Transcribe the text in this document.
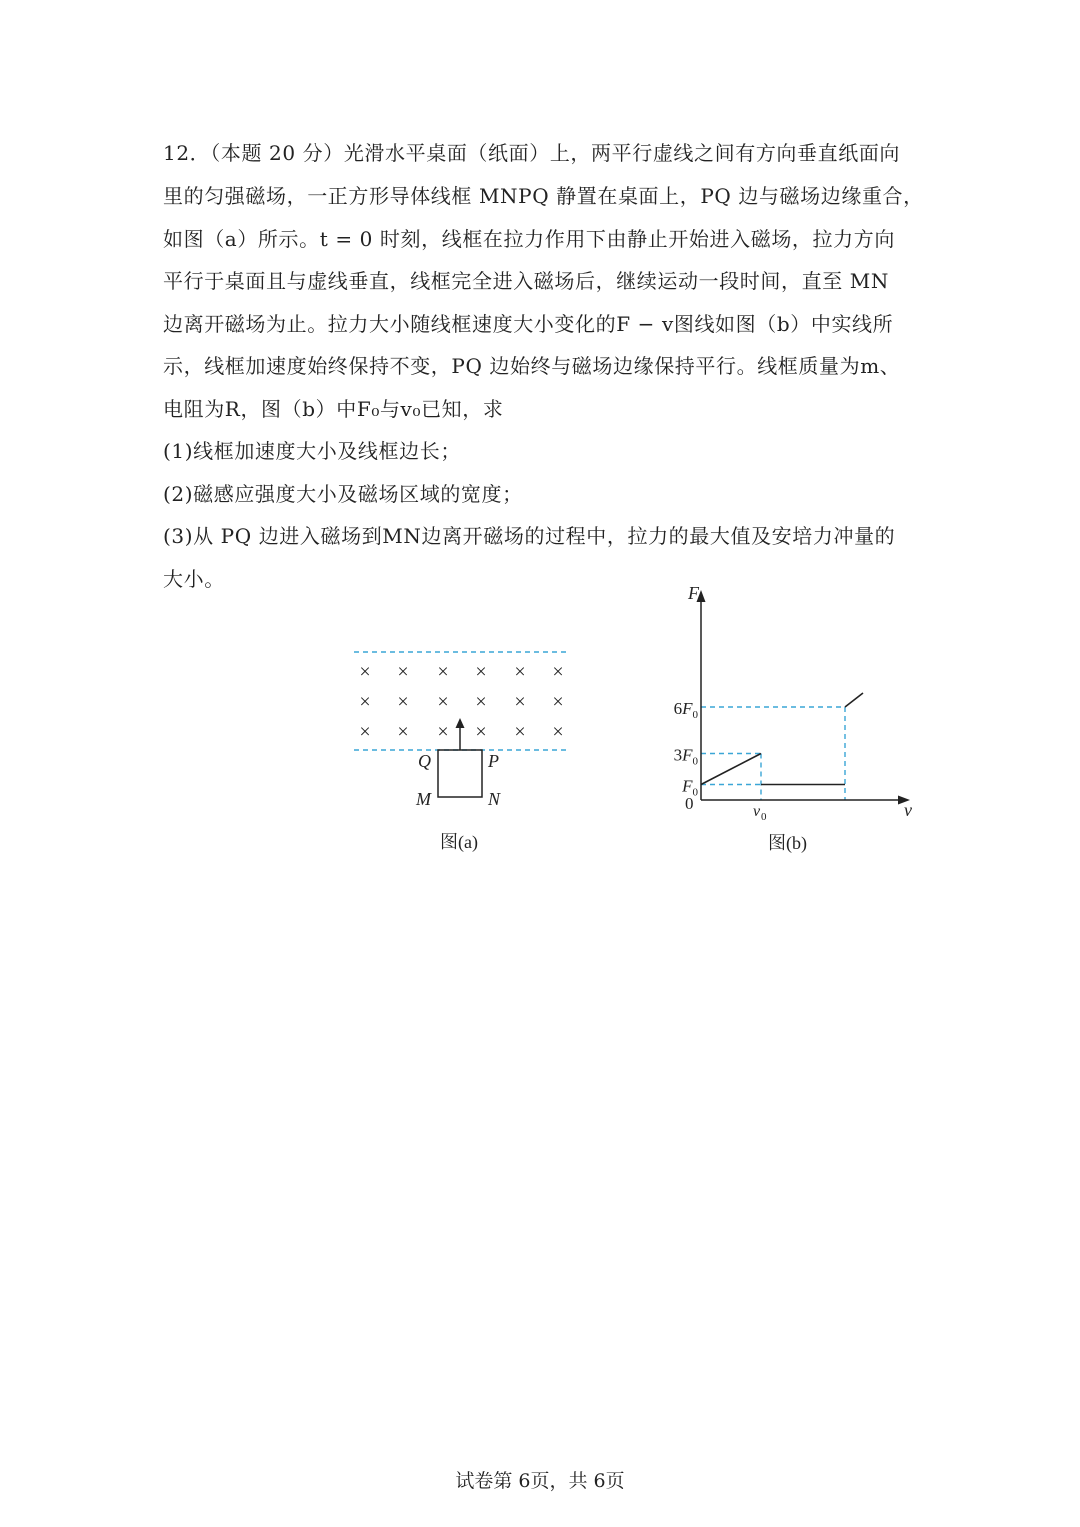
12．（本题 20 分）光滑水平桌面（纸面）上，两平行虚线之间有方向垂直纸面向
里的匀强磁场，一正方形导体线框 MNPQ 静置在桌面上，PQ 边与磁场边缘重合，
如图（a）所示。t = 0 时刻，线框在拉力作用下由静止开始进入磁场，拉力方向
平行于桌面且与虚线垂直，线框完全进入磁场后，继续运动一段时间，直至 MN
边离开磁场为止。拉力大小随线框速度大小变化的F − v图线如图（b）中实线所
示，线框加速度始终保持不变，PQ 边始终与磁场边缘保持平行。线框质量为m、
电阻为R，图（b）中F₀与v₀已知，求
(1)线框加速度大小及线框边长；
(2)磁感应强度大小及磁场区域的宽度；
(3)从 PQ 边进入磁场到MN边离开磁场的过程中，拉力的最大值及安培力冲量的
大小。
× × × × × ×
× × × × × ×
× × × × × ×
Q	P
M	N
图(a)
F
v
0
$6F_0$
$3F_0$
$F_0$
v 0
图(b)
试卷第 6页，共 6页
